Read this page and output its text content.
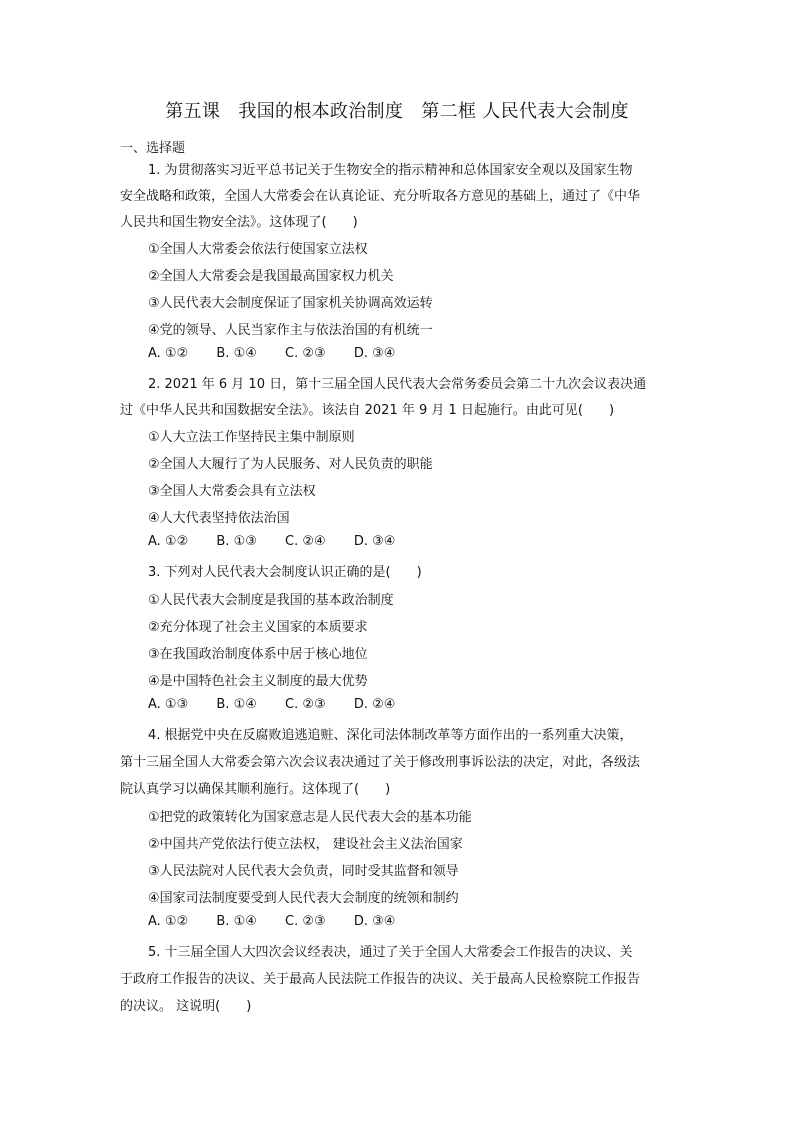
第五课　我国的根本政治制度　第二框 人民代表大会制度

一、选择题

1. 为贯彻落实习近平总书记关于生物安全的指示精神和总体国家安全观以及国家生物

安全战略和政策，全国人大常委会在认真论证、充分听取各方意见的基础上，通过了《中华

人民共和国生物安全法》。这体现了(　　)

①全国人大常委会依法行使国家立法权

②全国人大常委会是我国最高国家权力机关

③人民代表大会制度保证了国家机关协调高效运转

④党的领导、人民当家作主与依法治国的有机统一

A. ①② B. ①④ C. ②③ D. ③④

2. 2021 年 6 月 10 日，第十三届全国人民代表大会常务委员会第二十九次会议表决通

过《中华人民共和国数据安全法》。该法自 2021 年 9 月 1 日起施行。由此可见(　　)

①人大立法工作坚持民主集中制原则

②全国人大履行了为人民服务、对人民负责的职能

③全国人大常委会具有立法权

④人大代表坚持依法治国

A. ①② B. ①③ C. ②④ D. ③④

3. 下列对人民代表大会制度认识正确的是(　　)

①人民代表大会制度是我国的基本政治制度

②充分体现了社会主义国家的本质要求

③在我国政治制度体系中居于核心地位

④是中国特色社会主义制度的最大优势

A. ①③ B. ①④ C. ②③ D. ②④

4. 根据党中央在反腐败追逃追赃、深化司法体制改革等方面作出的一系列重大决策，

第十三届全国人大常委会第六次会议表决通过了关于修改刑事诉讼法的决定，对此，各级法

院认真学习以确保其顺利施行。这体现了(　　)

①把党的政策转化为国家意志是人民代表大会的基本功能

②中国共产党依法行使立法权， 建设社会主义法治国家

③人民法院对人民代表大会负责，同时受其监督和领导

④国家司法制度要受到人民代表大会制度的统领和制约

A. ①② B. ①④ C. ②③ D. ③④

5. 十三届全国人大四次会议经表决，通过了关于全国人大常委会工作报告的决议、关

于政府工作报告的决议、关于最高人民法院工作报告的决议、关于最高人民检察院工作报告

的决议。 这说明(　　)
